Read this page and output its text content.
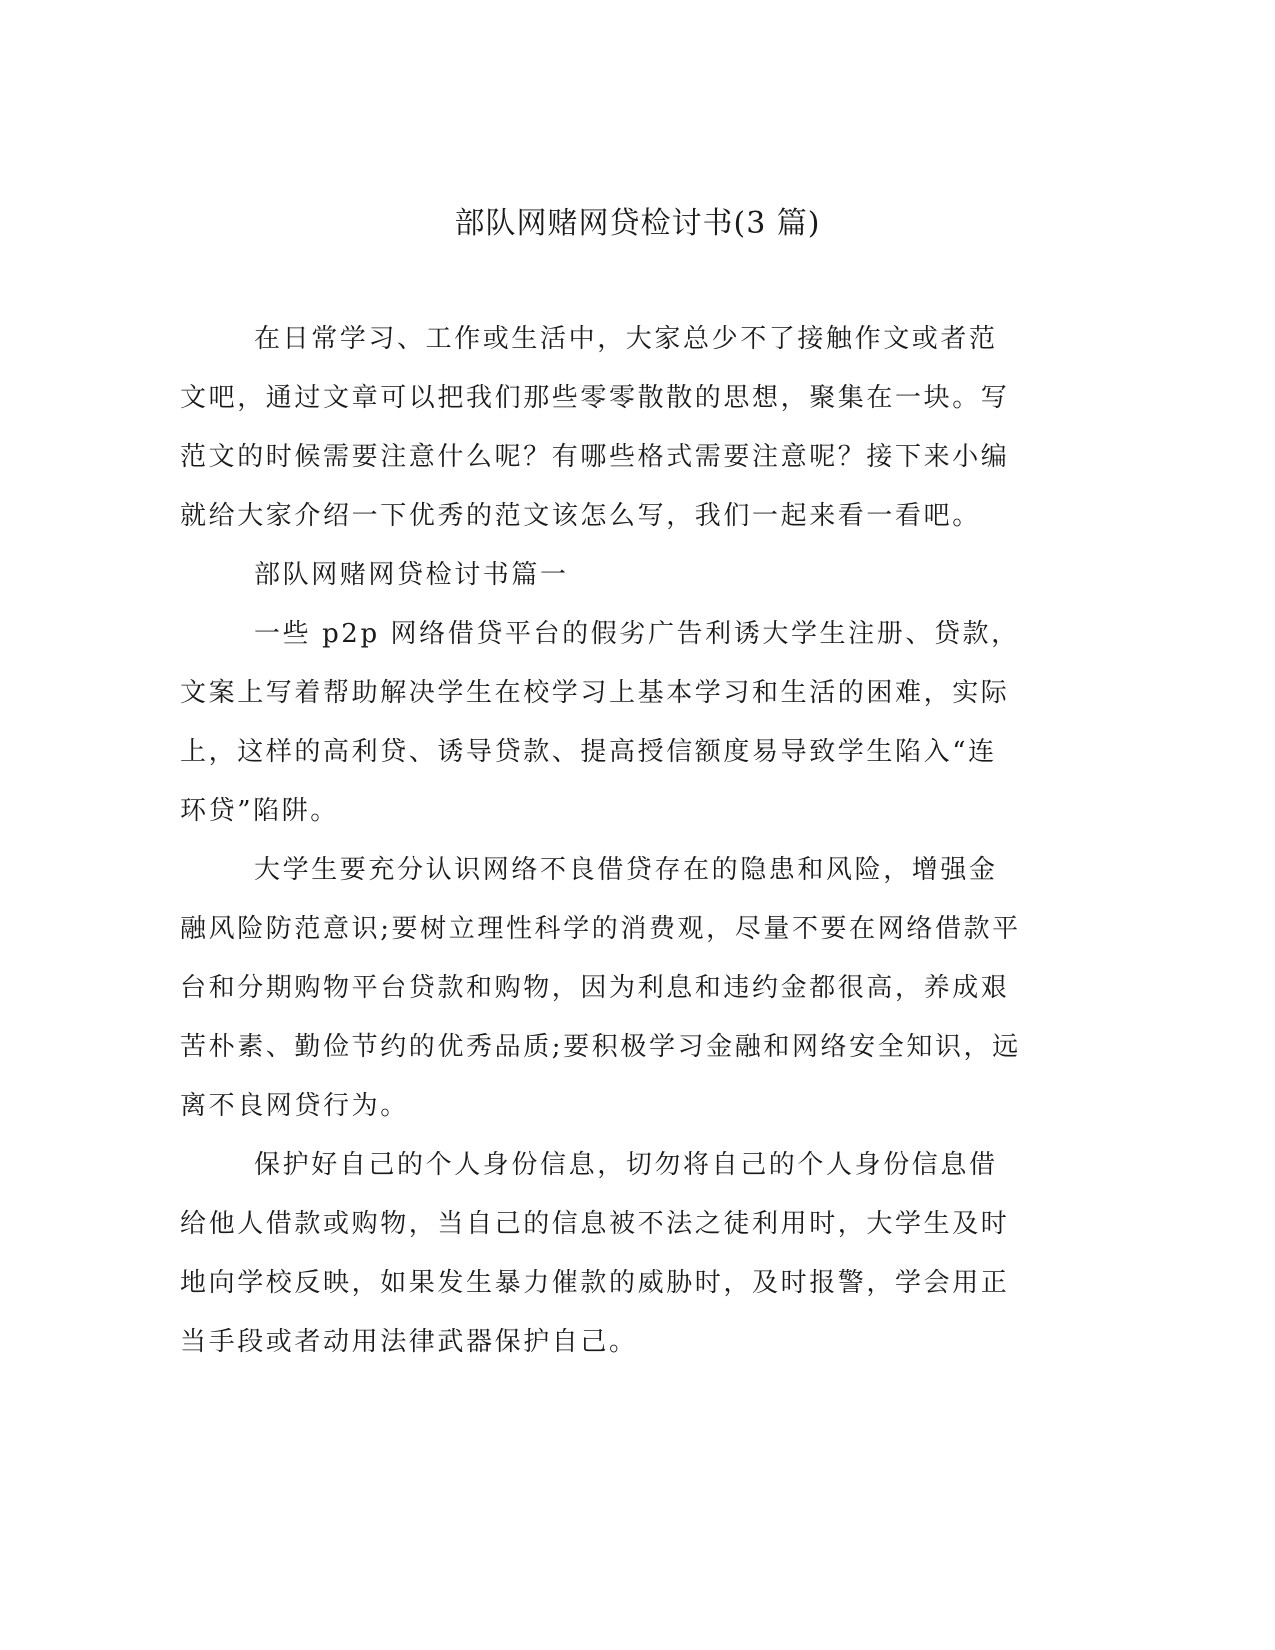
部队网赌网贷检讨书(3 篇)

在日常学习、工作或生活中，大家总少不了接触作文或者范文吧，通过文章可以把我们那些零零散散的思想，聚集在一块。写范文的时候需要注意什么呢？有哪些格式需要注意呢？接下来小编就给大家介绍一下优秀的范文该怎么写，我们一起来看一看吧。

部队网赌网贷检讨书篇一

一些 p2p 网络借贷平台的假劣广告利诱大学生注册、贷款，文案上写着帮助解决学生在校学习上基本学习和生活的困难，实际上，这样的高利贷、诱导贷款、提高授信额度易导致学生陷入“连环贷”陷阱。

大学生要充分认识网络不良借贷存在的隐患和风险，增强金融风险防范意识;要树立理性科学的消费观，尽量不要在网络借款平台和分期购物平台贷款和购物，因为利息和违约金都很高，养成艰苦朴素、勤俭节约的优秀品质;要积极学习金融和网络安全知识，远离不良网贷行为。

保护好自己的个人身份信息，切勿将自己的个人身份信息借给他人借款或购物，当自己的信息被不法之徒利用时，大学生及时地向学校反映，如果发生暴力催款的威胁时，及时报警，学会用正当手段或者动用法律武器保护自己。
